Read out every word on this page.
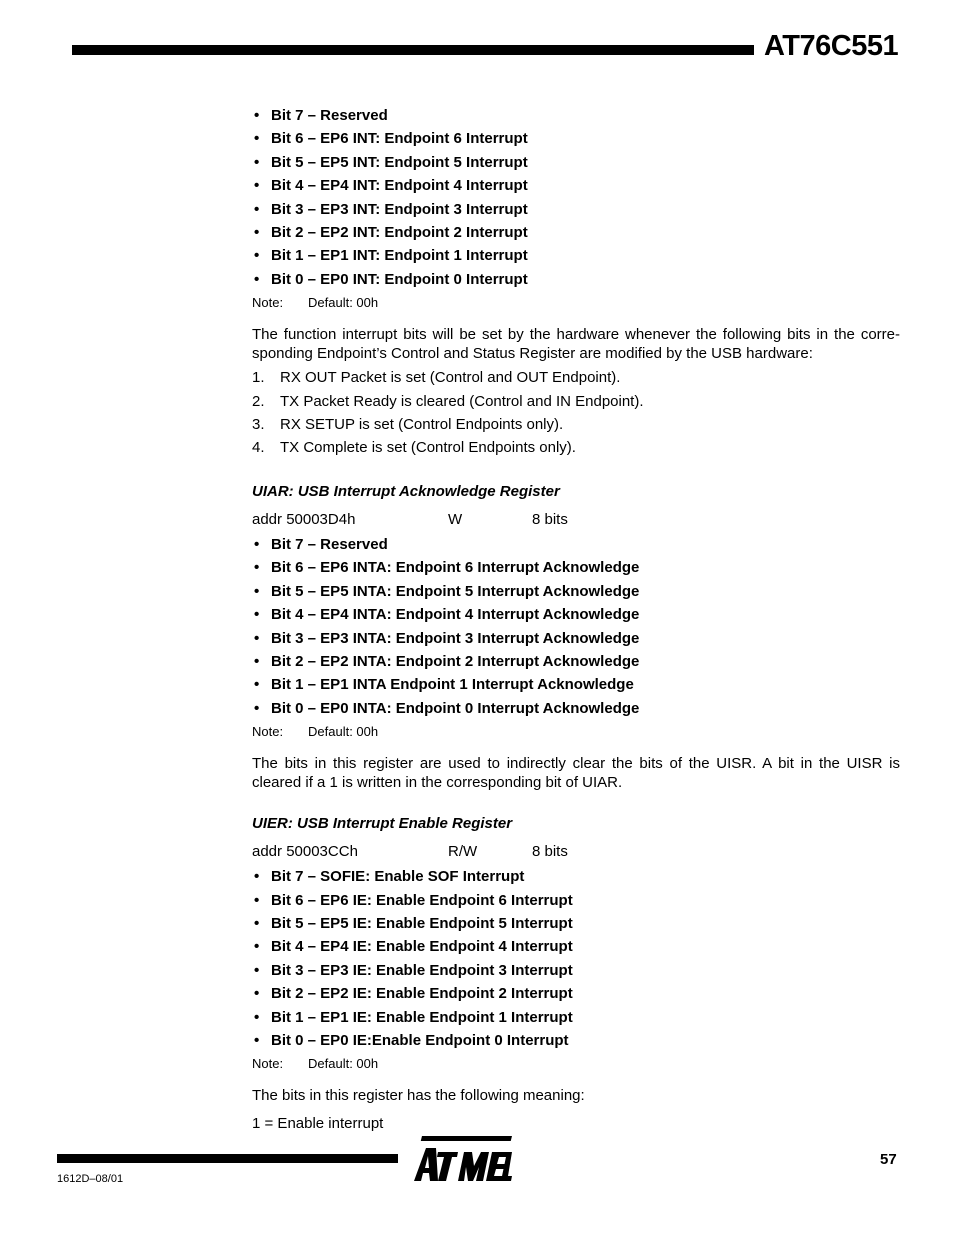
AT76C551
• Bit 7 – Reserved
• Bit 6 – EP6 INT: Endpoint 6 Interrupt
• Bit 5 – EP5 INT: Endpoint 5 Interrupt
• Bit 4 – EP4 INT: Endpoint 4 Interrupt
• Bit 3 – EP3 INT: Endpoint 3 Interrupt
• Bit 2 – EP2 INT: Endpoint 2 Interrupt
• Bit 1 – EP1 INT: Endpoint 1 Interrupt
• Bit 0 – EP0 INT: Endpoint 0 Interrupt

Note: Default: 00h

The function interrupt bits will be set by the hardware whenever the following bits in the corre-sponding Endpoint’s Control and Status Register are modified by the USB hardware:

1. RX OUT Packet is set (Control and OUT Endpoint).
2. TX Packet Ready is cleared (Control and IN Endpoint).
3. RX SETUP is set (Control Endpoints only).
4. TX Complete is set (Control Endpoints only).
UIAR: USB Interrupt Acknowledge Register
addr 50003D4h	W	8 bits
• Bit 7 – Reserved
• Bit 6 – EP6 INTA: Endpoint 6 Interrupt Acknowledge
• Bit 5 – EP5 INTA: Endpoint 5 Interrupt Acknowledge
• Bit 4 – EP4 INTA: Endpoint 4 Interrupt Acknowledge
• Bit 3 – EP3 INTA: Endpoint 3 Interrupt Acknowledge
• Bit 2 – EP2 INTA: Endpoint 2 Interrupt Acknowledge
• Bit 1 – EP1 INTA Endpoint 1 Interrupt Acknowledge
• Bit 0 – EP0 INTA: Endpoint 0 Interrupt Acknowledge

Note: Default: 00h

The bits in this register are used to indirectly clear the bits of the UISR. A bit in the UISR is cleared if a 1 is written in the corresponding bit of UIAR.

UIER: USB Interrupt Enable Register
addr 50003CCh	R/W	8 bits
• Bit 7 – SOFIE: Enable SOF Interrupt
• Bit 6 – EP6 IE: Enable Endpoint 6 Interrupt
• Bit 5 – EP5 IE: Enable Endpoint 5 Interrupt
• Bit 4 – EP4 IE: Enable Endpoint 4 Interrupt
• Bit 3 – EP3 IE: Enable Endpoint 3 Interrupt
• Bit 2 – EP2 IE: Enable Endpoint 2 Interrupt
• Bit 1 – EP1 IE: Enable Endpoint 1 Interrupt
• Bit 0 – EP0 IE:Enable Endpoint 0 Interrupt

Note: Default: 00h

The bits in this register has the following meaning:

1 = Enable interrupt

1612D–08/01
57
